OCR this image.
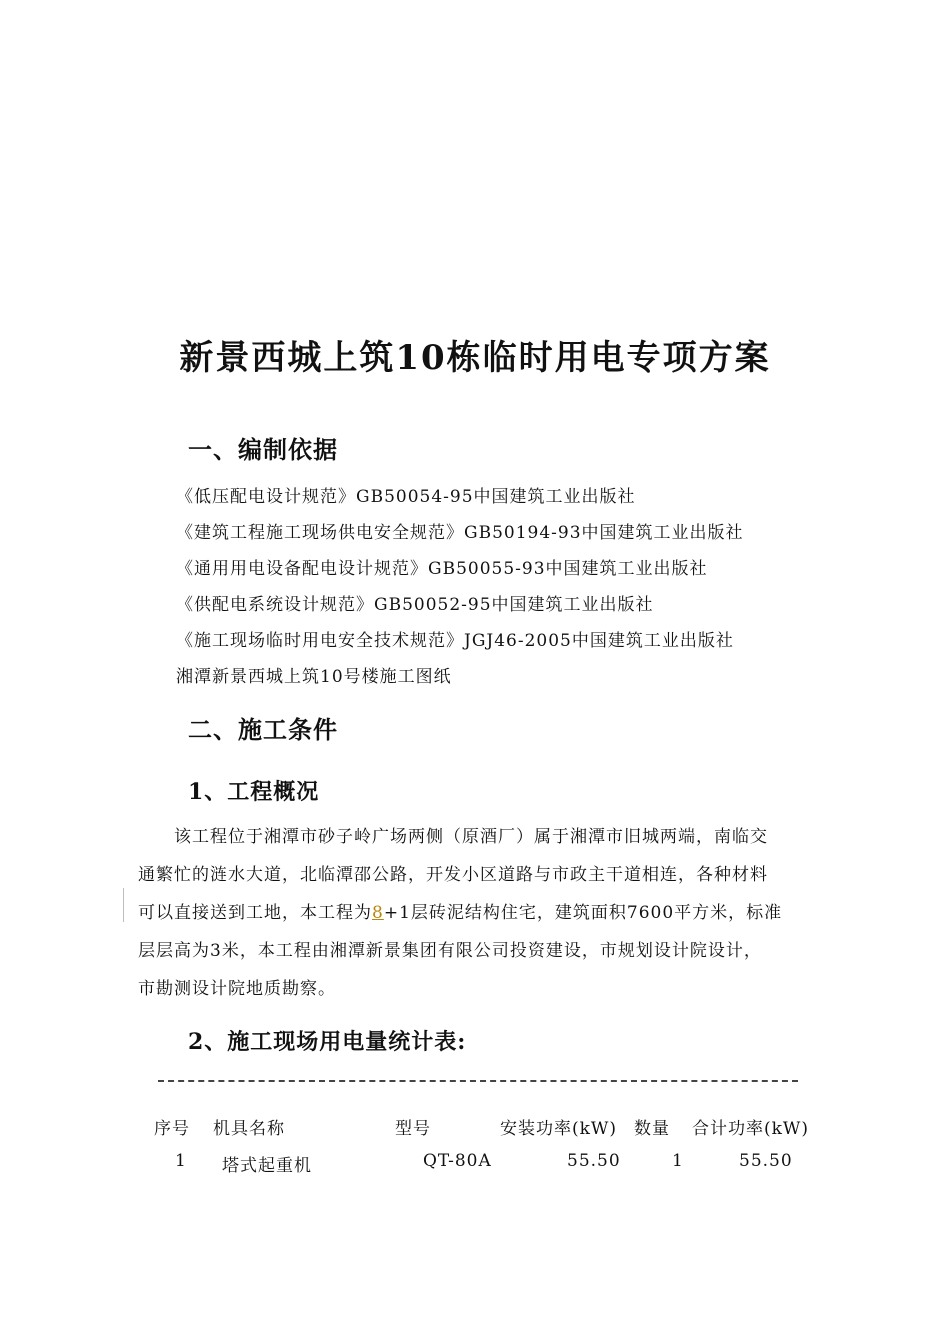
新景西城上筑10栋临时用电专项方案
一、编制依据
《低压配电设计规范》GB50054-95中国建筑工业出版社
《建筑工程施工现场供电安全规范》GB50194-93中国建筑工业出版社
《通用用电设备配电设计规范》GB50055-93中国建筑工业出版社
《供配电系统设计规范》GB50052-95中国建筑工业出版社
《施工现场临时用电安全技术规范》JGJ46-2005中国建筑工业出版社
湘潭新景西城上筑10号楼施工图纸
二、施工条件
1、工程概况
该工程位于湘潭市砂子岭广场两侧（原酒厂）属于湘潭市旧城两端，南临交
通繁忙的涟水大道，北临潭邵公路，开发小区道路与市政主干道相连，各种材料
可以直接送到工地，本工程为8+1层砖泥结构住宅，建筑面积7600平方米，标准
层层高为3米，本工程由湘潭新景集团有限公司投资建设，市规划设计院设计，
市勘测设计院地质勘察。
2、施工现场用电量统计表:
序号 机具名称	型号	安装功率(kW) 数量 合计功率(kW)
1 塔式起重机	QT-80A	55.50	1	55.50
